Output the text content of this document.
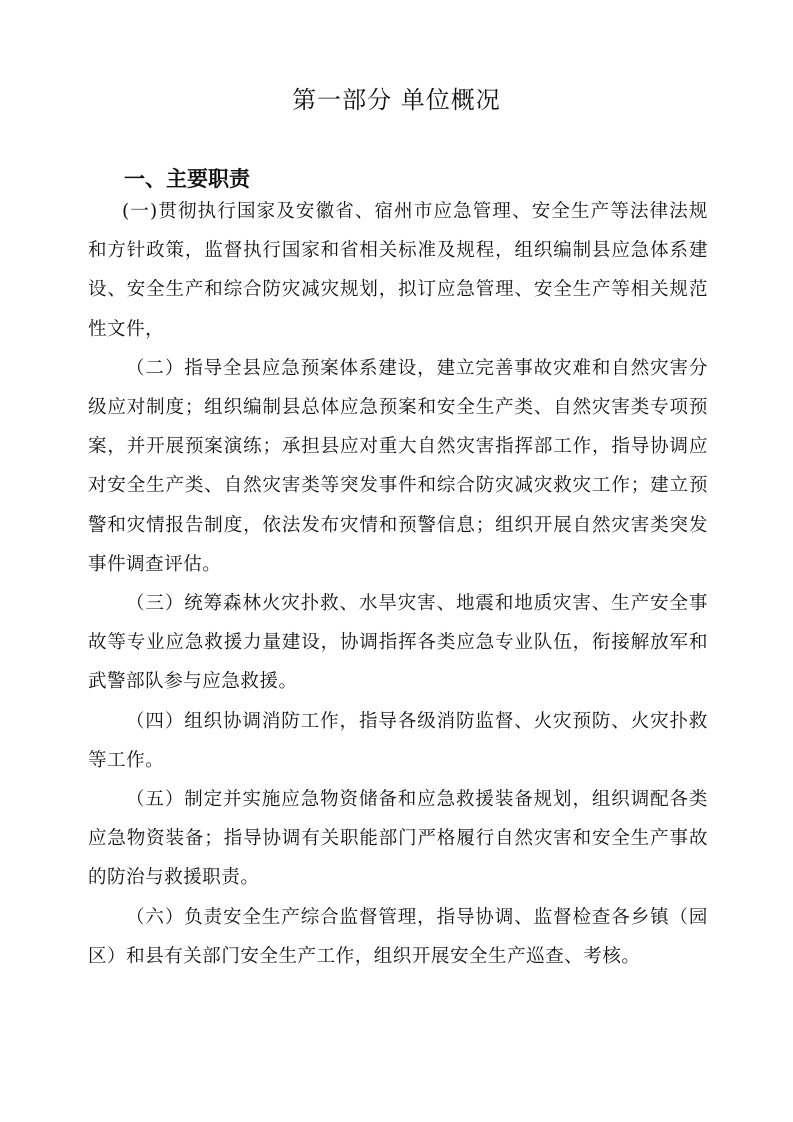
第一部分 单位概况
一、主要职责

(一)贯彻执行国家及安徽省、宿州市应急管理、安全生产等法律法规和方针政策，监督执行国家和省相关标准及规程，组织编制县应急体系建设、安全生产和综合防灾减灾规划，拟订应急管理、安全生产等相关规范性文件，

（二）指导全县应急预案体系建设，建立完善事故灾难和自然灾害分级应对制度；组织编制县总体应急预案和安全生产类、自然灾害类专项预案，并开展预案演练；承担县应对重大自然灾害指挥部工作，指导协调应对安全生产类、自然灾害类等突发事件和综合防灾减灾救灾工作；建立预警和灾情报告制度，依法发布灾情和预警信息；组织开展自然灾害类突发事件调查评估。

（三）统筹森林火灾扑救、水旱灾害、地震和地质灾害、生产安全事故等专业应急救援力量建设，协调指挥各类应急专业队伍，衔接解放军和武警部队参与应急救援。

（四）组织协调消防工作，指导各级消防监督、火灾预防、火灾扑救等工作。

（五）制定并实施应急物资储备和应急救援装备规划，组织调配各类应急物资装备；指导协调有关职能部门严格履行自然灾害和安全生产事故的防治与救援职责。

（六）负责安全生产综合监督管理，指导协调、监督检查各乡镇（园区）和县有关部门安全生产工作，组织开展安全生产巡查、考核。
